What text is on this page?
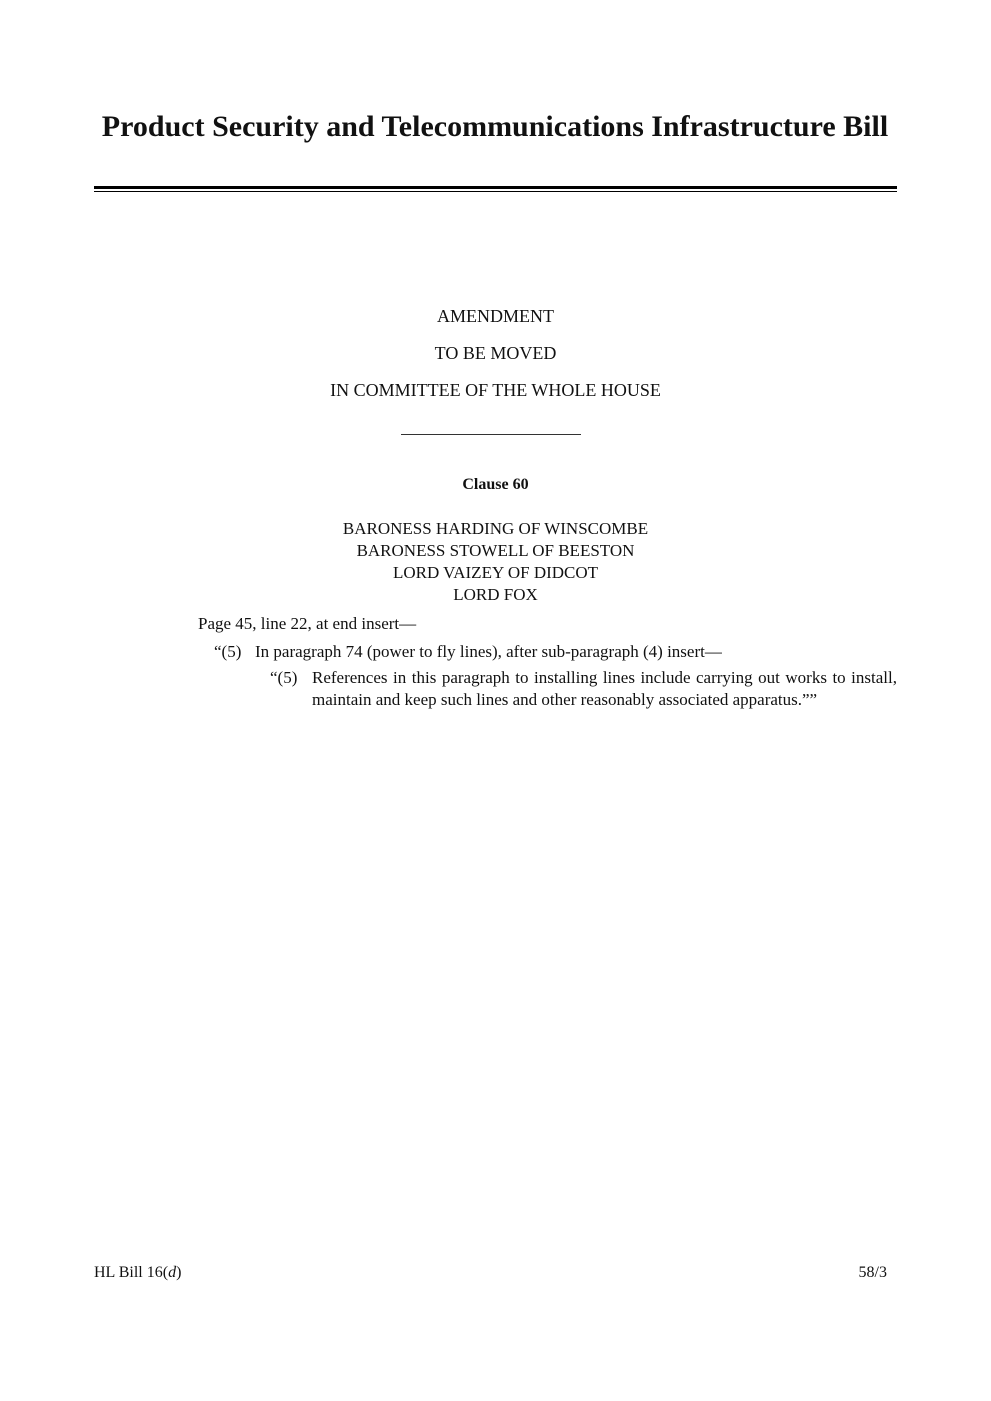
Product Security and Telecommunications Infrastructure Bill
AMENDMENT
TO BE MOVED
IN COMMITTEE OF THE WHOLE HOUSE
Clause 60
BARONESS HARDING OF WINSCOMBE
BARONESS STOWELL OF BEESTON
LORD VAIZEY OF DIDCOT
LORD FOX
Page 45, line 22, at end insert—
“(5) In paragraph 74 (power to fly lines), after sub-paragraph (4) insert—
“(5) References in this paragraph to installing lines include carrying out works to install, maintain and keep such lines and other reasonably associated apparatus.””
HL Bill 16(d)	58/3
